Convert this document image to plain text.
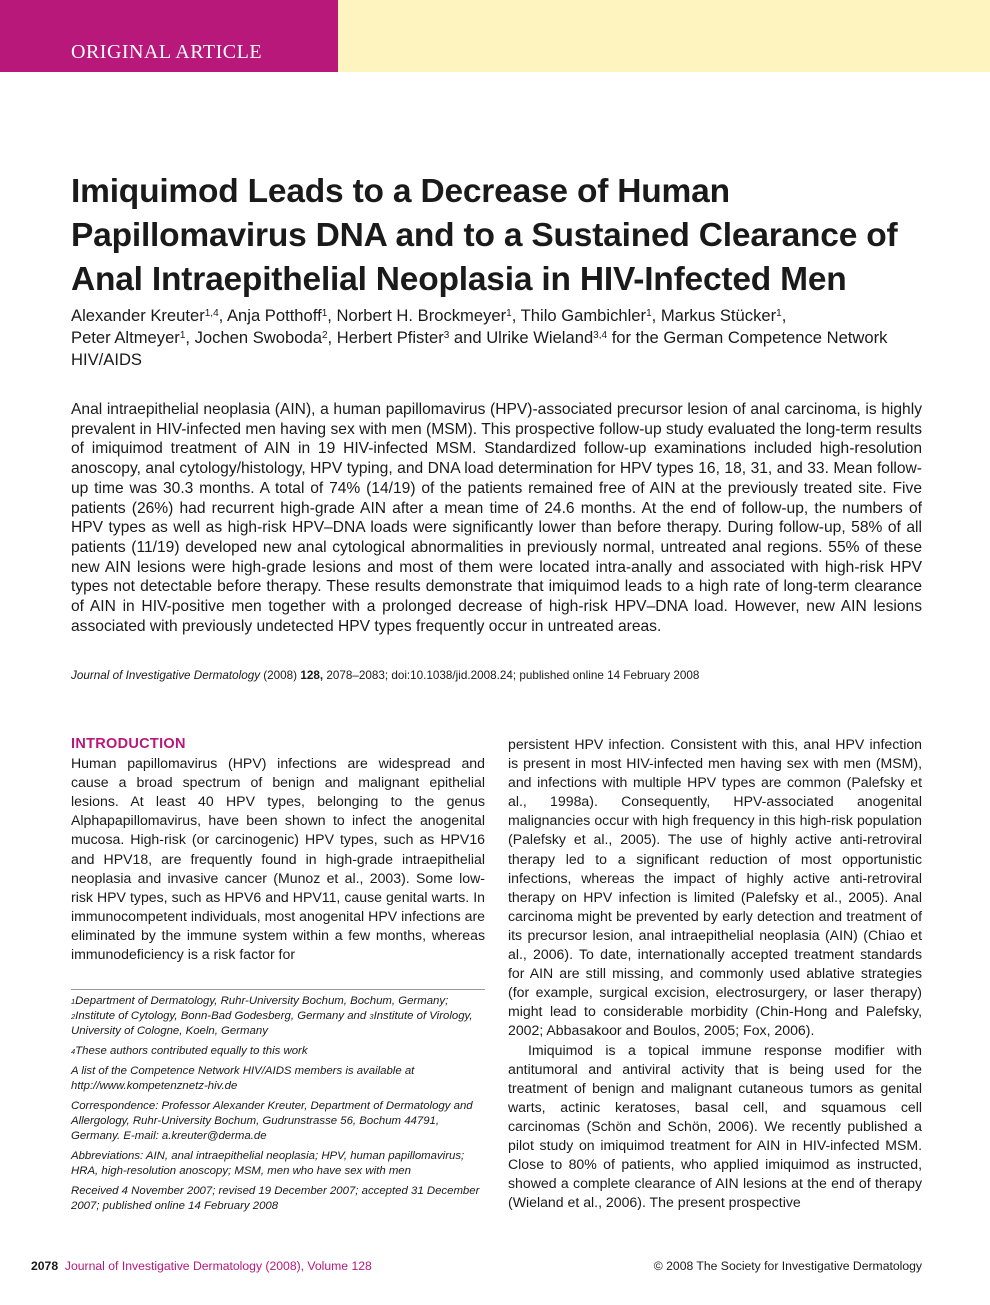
ORIGINAL ARTICLE
Imiquimod Leads to a Decrease of Human
Papillomavirus DNA and to a Sustained Clearance of
Anal Intraepithelial Neoplasia in HIV-Infected Men
Alexander Kreuter$^{1,4}$, Anja Potthoff$^1$, Norbert H. Brockmeyer$^1$, Thilo Gambichler$^1$, Markus Stücker$^1$,
Peter Altmeyer$^1$, Jochen Swoboda$^2$, Herbert Pfister$^3$ and Ulrike Wieland$^{3,4}$ for the German Competence Network HIV/AIDS

Anal intraepithelial neoplasia (AIN), a human papillomavirus (HPV)-associated precursor lesion of anal carcinoma, is highly prevalent in HIV-infected men having sex with men (MSM). This prospective follow-up study evaluated the long-term results of imiquimod treatment of AIN in 19 HIV-infected MSM. Standardized follow-up examinations included high-resolution anoscopy, anal cytology/histology, HPV typing, and DNA load determination for HPV types 16, 18, 31, and 33. Mean follow-up time was 30.3 months. A total of 74% (14/19) of the patients remained free of AIN at the previously treated site. Five patients (26%) had recurrent high-grade AIN after a mean time of 24.6 months. At the end of follow-up, the numbers of HPV types as well as high-risk HPV–DNA loads were significantly lower than before therapy. During follow-up, 58% of all patients (11/19) developed new anal cytological abnormalities in previously normal, untreated anal regions. 55% of these new AIN lesions were high-grade lesions and most of them were located intra-anally and associated with high-risk HPV types not detectable before therapy. These results demonstrate that imiquimod leads to a high rate of long-term clearance of AIN in HIV-positive men together with a prolonged decrease of high-risk HPV–DNA load. However, new AIN lesions associated with previously undetected HPV types frequently occur in untreated areas.

Journal of Investigative Dermatology (2008) 128, 2078–2083; doi:10.1038/jid.2008.24; published online 14 February 2008
INTRODUCTION

Human papillomavirus (HPV) infections are widespread and cause a broad spectrum of benign and malignant epithelial lesions. At least 40 HPV types, belonging to the genus Alphapapillomavirus, have been shown to infect the anogenital mucosa. High-risk (or carcinogenic) HPV types, such as HPV16 and HPV18, are frequently found in high-grade intraepithelial neoplasia and invasive cancer (Munoz et al., 2003). Some low-risk HPV types, such as HPV6 and HPV11, cause genital warts. In immunocompetent individuals, most anogenital HPV infections are eliminated by the immune system within a few months, whereas immunodeficiency is a risk factor for

persistent HPV infection. Consistent with this, anal HPV infection is present in most HIV-infected men having sex with men (MSM), and infections with multiple HPV types are common (Palefsky et al., 1998a). Consequently, HPV-associated anogenital malignancies occur with high frequency in this high-risk population (Palefsky et al., 2005). The use of highly active anti-retroviral therapy led to a significant reduction of most opportunistic infections, whereas the impact of highly active anti-retroviral therapy on HPV infection is limited (Palefsky et al., 2005). Anal carcinoma might be prevented by early detection and treatment of its precursor lesion, anal intraepithelial neoplasia (AIN) (Chiao et al., 2006). To date, internationally accepted treatment standards for AIN are still missing, and commonly used ablative strategies (for example, surgical excision, electrosurgery, or laser therapy) might lead to considerable morbidity (Chin-Hong and Palefsky, 2002; Abbasakoor and Boulos, 2005; Fox, 2006).

Imiquimod is a topical immune response modifier with antitumoral and antiviral activity that is being used for the treatment of benign and malignant cutaneous tumors as genital warts, actinic keratoses, basal cell, and squamous cell carcinomas (Schön and Schön, 2006). We recently published a pilot study on imiquimod treatment for AIN in HIV-infected MSM. Close to 80% of patients, who applied imiquimod as instructed, showed a complete clearance of AIN lesions at the end of therapy (Wieland et al., 2006). The present prospective

$^1$Department of Dermatology, Ruhr-University Bochum, Bochum, Germany; $^2$Institute of Cytology, Bonn-Bad Godesberg, Germany and $^3$Institute of Virology, University of Cologne, Koeln, Germany

$^4$These authors contributed equally to this work

A list of the Competence Network HIV/AIDS members is available at http://www.kompetenznetz-hiv.de

Correspondence: Professor Alexander Kreuter, Department of Dermatology and Allergology, Ruhr-University Bochum, Gudrunstrasse 56, Bochum 44791, Germany. E-mail: a.kreuter@derma.de

Abbreviations: AIN, anal intraepithelial neoplasia; HPV, human papillomavirus; HRA, high-resolution anoscopy; MSM, men who have sex with men

Received 4 November 2007; revised 19 December 2007; accepted 31 December 2007; published online 14 February 2008

2078 Journal of Investigative Dermatology (2008), Volume 128	© 2008 The Society for Investigative Dermatology
